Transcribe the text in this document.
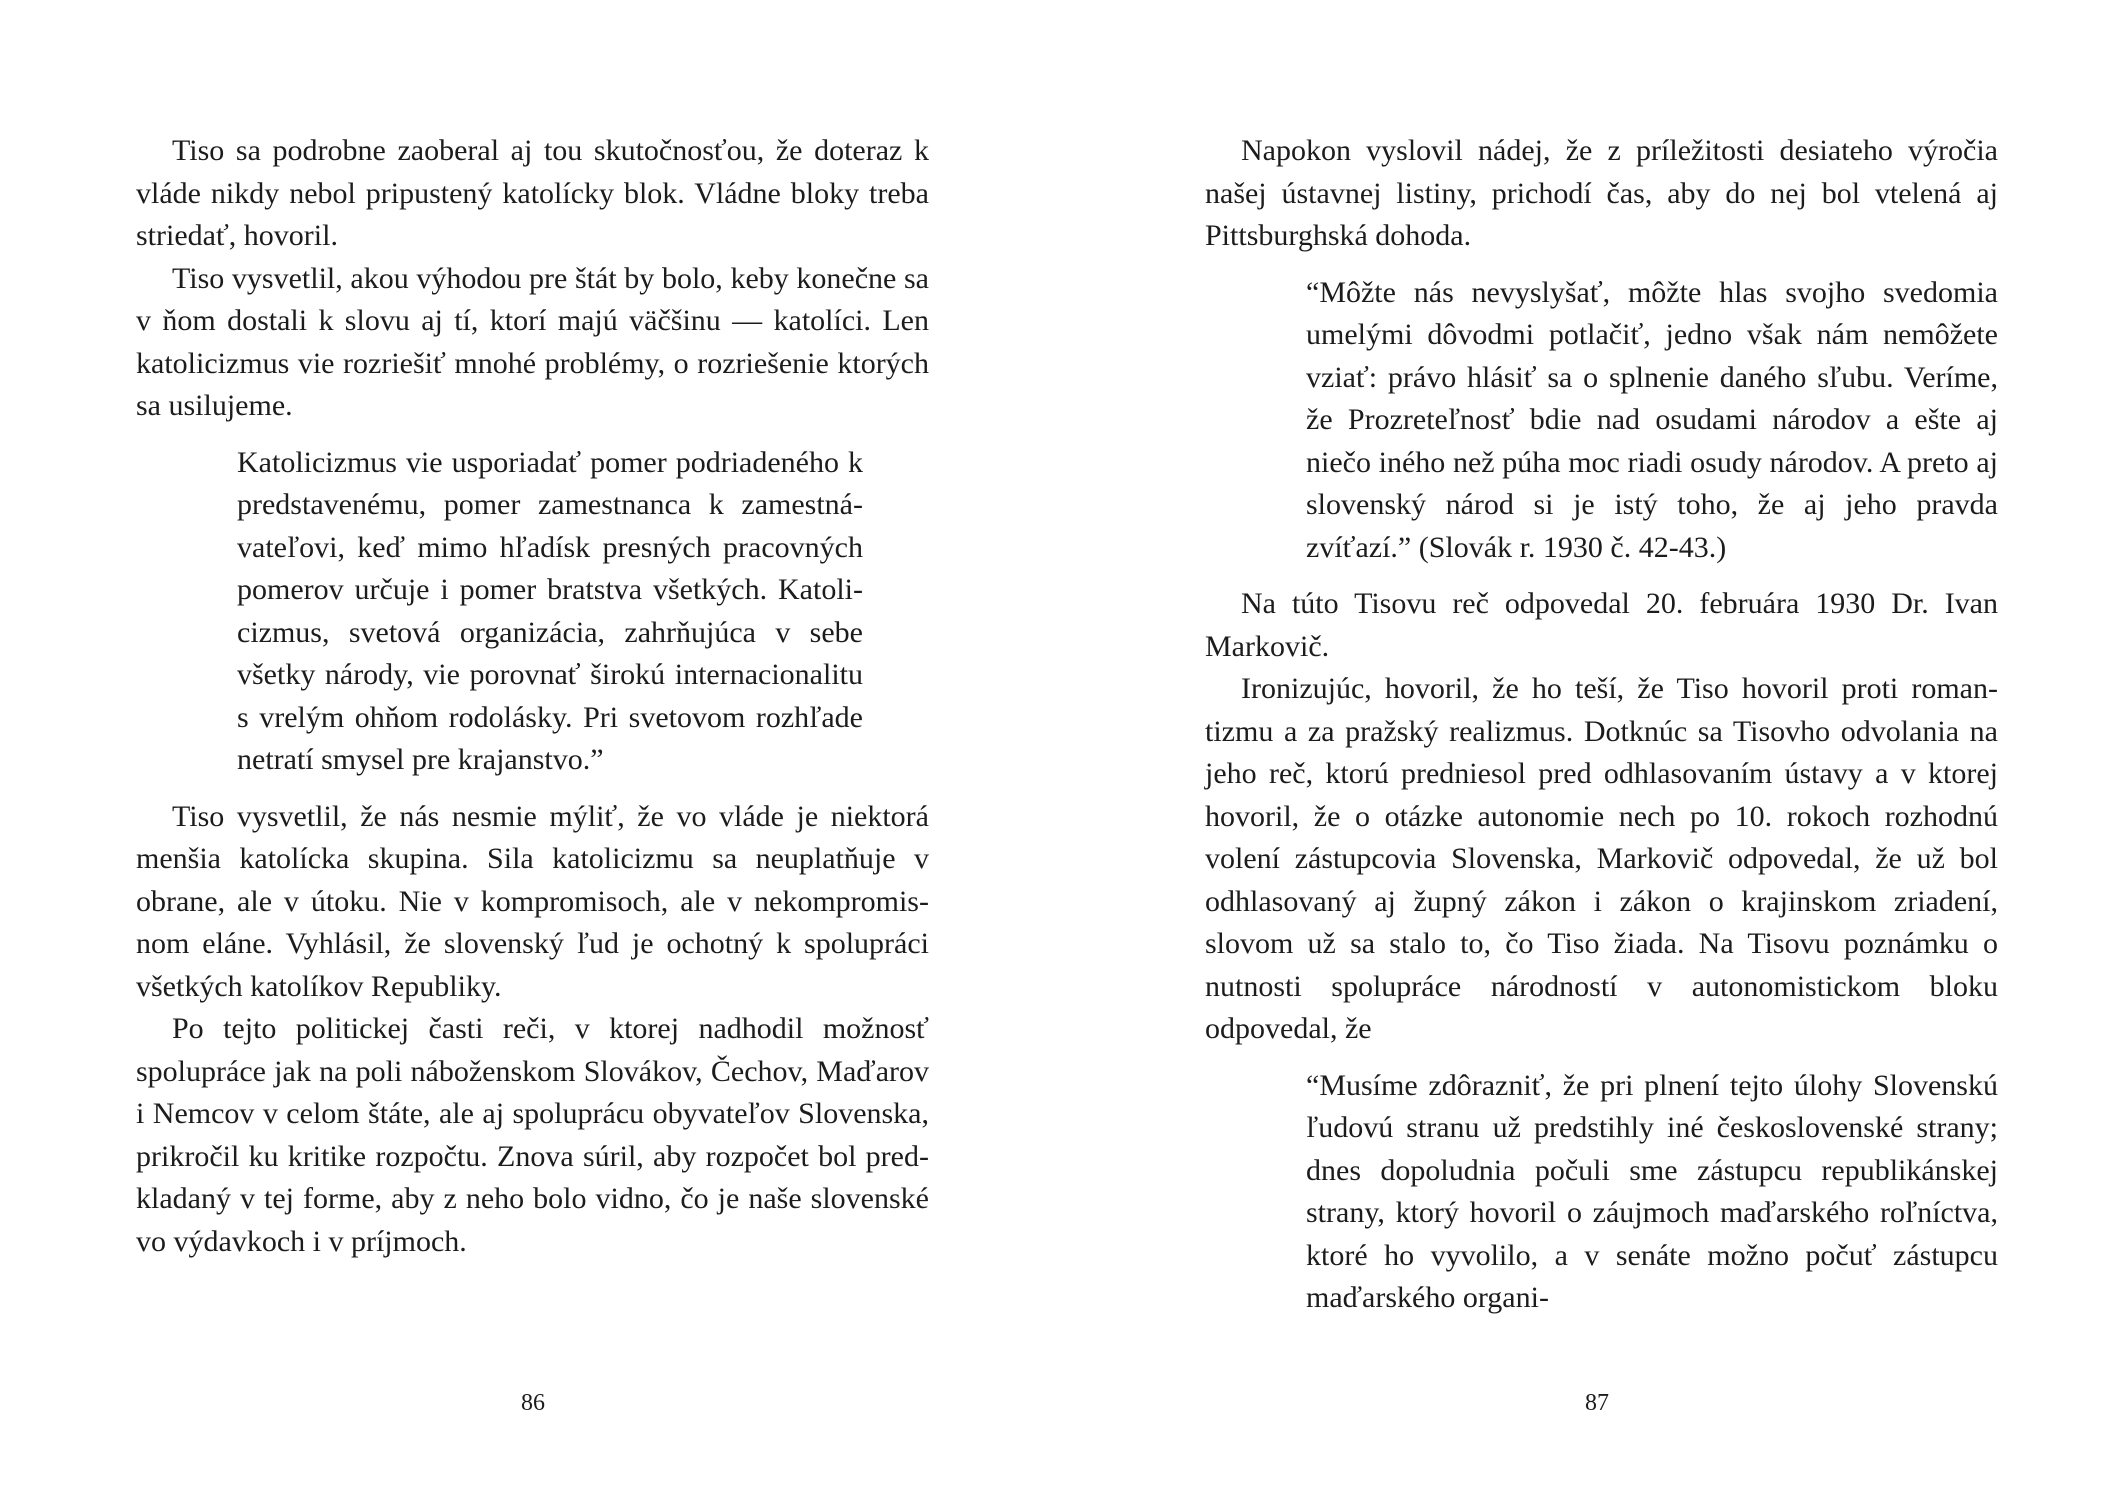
Tiso sa podrobne zaoberal aj tou skutočnosťou, že doteraz k vláde nikdy nebol pripustený katolícky blok. Vládne bloky treba striedať, hovoril.

Tiso vysvetlil, akou výhodou pre štát by bolo, keby konečne sa v ňom dostali k slovu aj tí, ktorí majú väčšinu — katolíci. Len katolicizmus vie rozriešiť mnohé problémy, o rozriešenie ktorých sa usilujeme.

Katolicizmus vie usporiadať pomer podriadeného k predstavenému, pomer zamestnanca k zamestnávateľovi, keď mimo hľadísk presných pracovných pomerov určuje i pomer bratstva všetkých. Katolicizmus, svetová organizácia, zahrňujúca v sebe všetky národy, vie porovnať širokú internacionalitu s vrelým ohňom rodolásky. Pri svetovom rozhľade netratí smysel pre krajanstvo.”

Tiso vysvetlil, že nás nesmie mýliť, že vo vláde je niektorá menšia katolícka skupina. Sila katolicizmu sa neuplatňuje v obrane, ale v útoku. Nie v kompromisoch, ale v nekompromisnom eláne. Vyhlásil, že slovenský ľud je ochotný k spolupráci všetkých katolíkov Republiky.

Po tejto politickej časti reči, v ktorej nadhodil možnosť spolupráce jak na poli náboženskom Slovákov, Čechov, Maďarov i Nemcov v celom štáte, ale aj spoluprácu obyvateľov Slovenska, prikročil ku kritike rozpočtu. Znova súril, aby rozpočet bol predkladaný v tej forme, aby z neho bolo vidno, čo je naše slovenské vo výdavkoch i v príjmoch.

86

Napokon vyslovil nádej, že z príležitosti desiateho výročia našej ústavnej listiny, prichodí čas, aby do nej bol vtelená aj Pittsburghská dohoda.

“Môžte nás nevyslyšať, môžte hlas svojho svedomia umelými dôvodmi potlačiť, jedno však nám nemôžete vziať: právo hlásiť sa o splnenie daného sľubu. Veríme, že Prozreteľnosť bdie nad osudami národov a ešte aj niečo iného než púha moc riadi osudy národov. A preto aj slovenský národ si je istý toho, že aj jeho pravda zvíťazí.” (Slovák r. 1930 č. 42-43.)

Na túto Tisovu reč odpovedal 20. februára 1930 Dr. Ivan Markovič.

Ironizujúc, hovoril, že ho teší, že Tiso hovoril proti romantizmu a za pražský realizmus. Dotknúc sa Tisovho odvolania na jeho reč, ktorú predniesol pred odhlasovaním ústavy a v ktorej hovoril, že o otázke autonomie nech po 10. rokoch rozhodnú volení zástupcovia Slovenska, Markovič odpovedal, že už bol odhlasovaný aj župný zákon i zákon o krajinskom zriadení, slovom už sa stalo to, čo Tiso žiada. Na Tisovu poznámku o nutnosti spolupráce národností v autonomistickom bloku odpovedal, že

“Musíme zdôrazniť, že pri plnení tejto úlohy Slovenskú ľudovú stranu už predstihly iné československé strany; dnes dopoludnia počuli sme zástupcu republikánskej strany, ktorý hovoril o záujmoch maďarského roľníctva, ktoré ho vyvolilo, a v senáte možno počuť zástupcu maďarského organi-

87
